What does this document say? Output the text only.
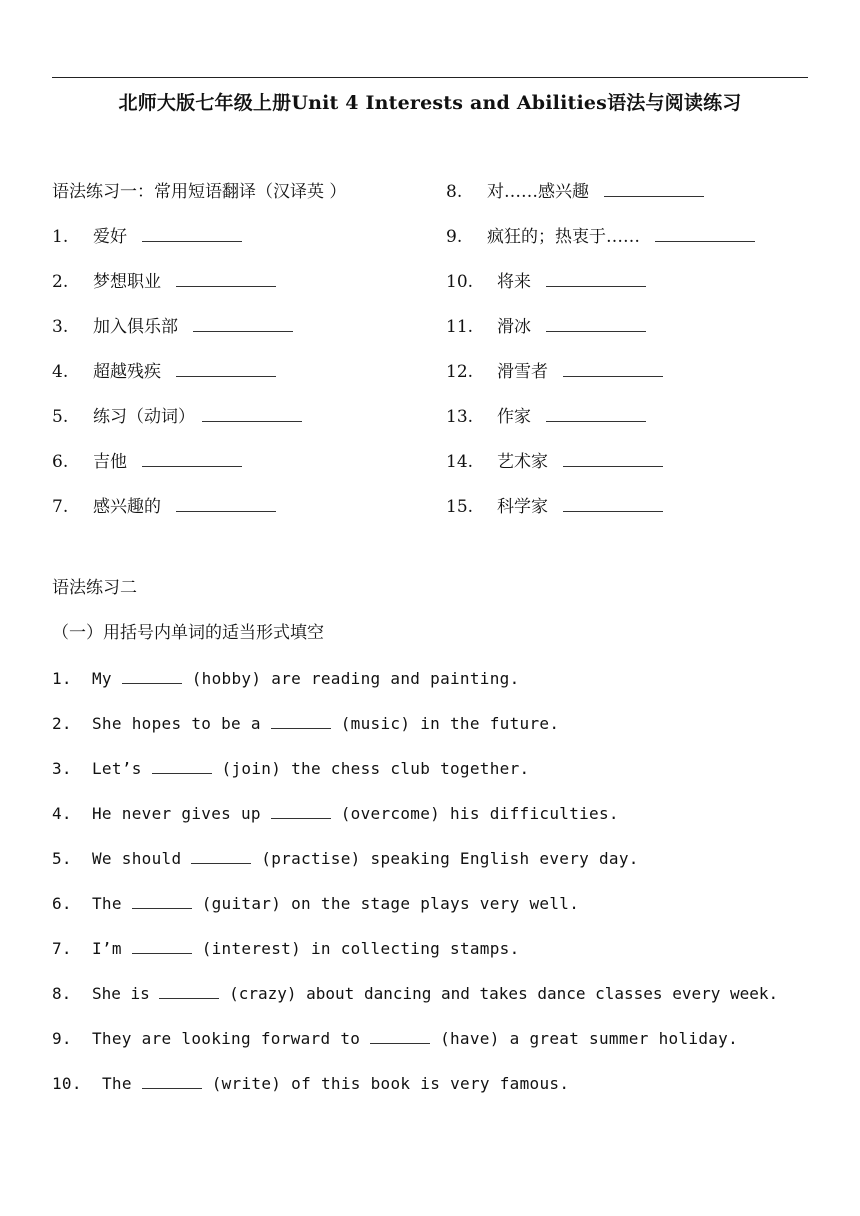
北师大版七年级上册Unit 4 Interests and Abilities语法与阅读练习
语法练习一：常用短语翻译（汉译英 ）
1. 爱好
2. 梦想职业
3. 加入俱乐部
4. 超越残疾
5. 练习（动词）
6. 吉他
7. 感兴趣的
8. 对……感兴趣
9. 疯狂的；热衷于……
10. 将来
11. 滑冰
12. 滑雪者
13. 作家
14. 艺术家
15. 科学家
语法练习二
（一）用括号内单词的适当形式填空
1. My	(hobby) are reading and painting.
2. She hopes to be a	(music) in the future.
3. Let’s	(join) the chess club together.
4. He never gives up	(overcome) his difficulties.
5. We should	(practise) speaking English every day.
6. The	(guitar) on the stage plays very well.
7. I’m	(interest) in collecting stamps.
8. She is	(crazy) about dancing and takes dance classes every week.
9. They are looking forward to	(have) a great summer holiday.
10. The	(write) of this book is very famous.
